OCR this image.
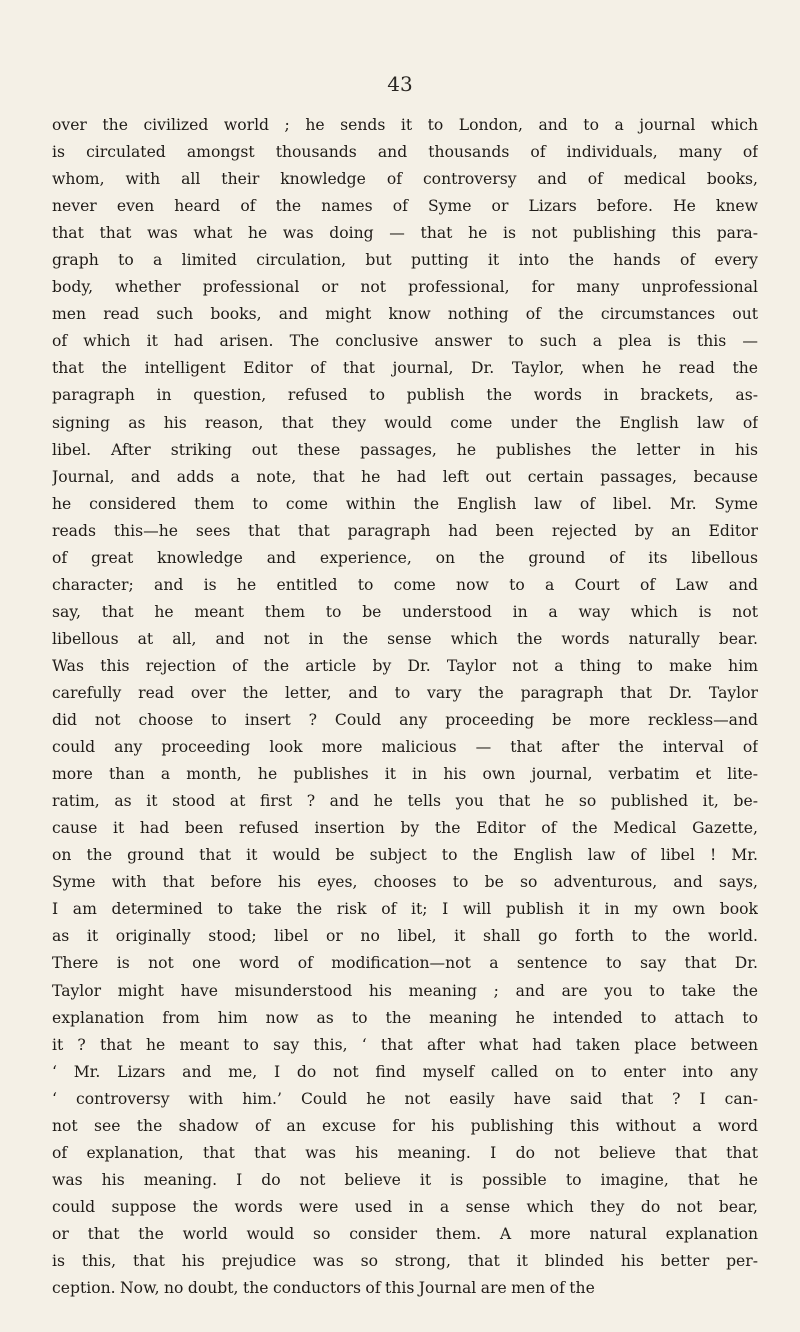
43
over the civilized world ; he sends it to London, and to a journal which
is circulated amongst thousands and thousands of individuals, many of
whom, with all their knowledge of controversy and of medical books,
never even heard of the names of Syme or Lizars before. He knew
that that was what he was doing — that he is not publishing this para-
graph to a limited circulation, but putting it into the hands of every
body, whether professional or not professional, for many unprofessional
men read such books, and might know nothing of the circumstances out
of which it had arisen. The conclusive answer to such a plea is this —
that the intelligent Editor of that journal, Dr. Taylor, when he read the
paragraph in question, refused to publish the words in brackets, as-
signing as his reason, that they would come under the English law of
libel. After striking out these passages, he publishes the letter in his
Journal, and adds a note, that he had left out certain passages, because
he considered them to come within the English law of libel. Mr. Syme
reads this—he sees that that paragraph had been rejected by an Editor
of great knowledge and experience, on the ground of its libellous
character; and is he entitled to come now to a Court of Law and
say, that he meant them to be understood in a way which is not
libellous at all, and not in the sense which the words naturally bear.
Was this rejection of the article by Dr. Taylor not a thing to make him
carefully read over the letter, and to vary the paragraph that Dr. Taylor
did not choose to insert ? Could any proceeding be more reckless—and
could any proceeding look more malicious — that after the interval of
more than a month, he publishes it in his own journal, verbatim et lite-
ratim, as it stood at first ? and he tells you that he so published it, be-
cause it had been refused insertion by the Editor of the Medical Gazette,
on the ground that it would be subject to the English law of libel ! Mr.
Syme with that before his eyes, chooses to be so adventurous, and says,
I am determined to take the risk of it; I will publish it in my own book
as it originally stood; libel or no libel, it shall go forth to the world.
There is not one word of modification—not a sentence to say that Dr.
Taylor might have misunderstood his meaning ; and are you to take the
explanation from him now as to the meaning he intended to attach to
it ? that he meant to say this, ‘ that after what had taken place between
‘ Mr. Lizars and me, I do not find myself called on to enter into any
‘ controversy with him.’ Could he not easily have said that ? I can-
not see the shadow of an excuse for his publishing this without a word
of explanation, that that was his meaning. I do not believe that that
was his meaning. I do not believe it is possible to imagine, that he
could suppose the words were used in a sense which they do not bear,
or that the world would so consider them. A more natural explanation
is this, that his prejudice was so strong, that it blinded his better per-
ception. Now, no doubt, the conductors of this Journal are men of the
